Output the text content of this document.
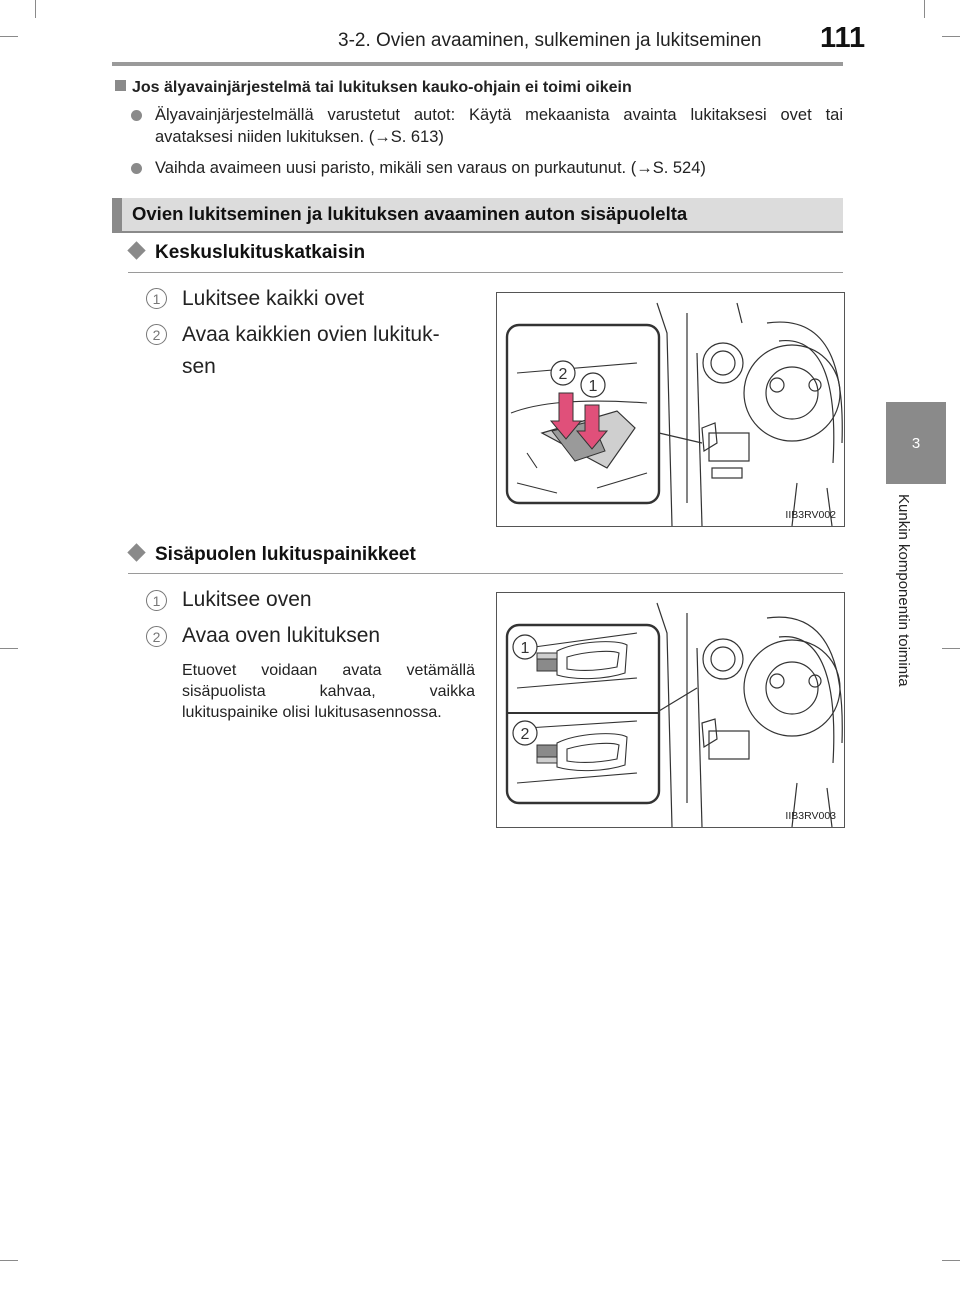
3-2. Ovien avaaminen, sulkeminen ja lukitseminen 111
3
Kunkin komponentin toiminta
Jos älyavainjärjestelmä tai lukituksen kauko-ohjain ei toimi oikein
Älyavainjärjestelmällä varustetut autot: Käytä mekaanista avainta lukitaksesi ovet tai avataksesi niiden lukituksen. (→S. 613)
Vaihda avaimeen uusi paristo, mikäli sen varaus on purkautunut. (→S. 524)
Ovien lukitseminen ja lukituksen avaaminen auton sisäpuolelta
Keskuslukituskatkaisin
1	Lukitsee kaikki ovet
2	Avaa kaikkien ovien lukituk-
sen	2
1
IIB3RV002
Sisäpuolen lukituspainikkeet
1	Lukitsee oven
2	Avaa oven lukituksen
Etuovet voidaan avata vetämällä sisäpuolista kahvaa, vaikka lukituspainike olisi lukitusasennossa.
1
2
IIB3RV003
